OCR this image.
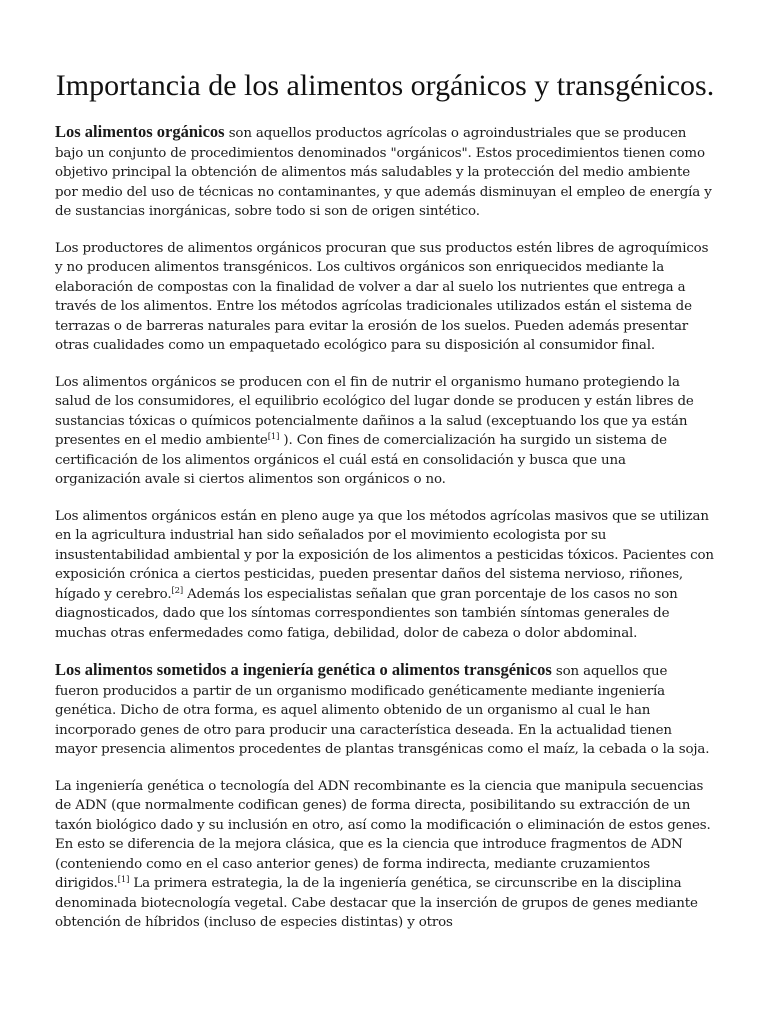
Importancia de los alimentos orgánicos y transgénicos.

Los alimentos orgánicos son aquellos productos agrícolas o agroindustriales que se producen bajo un conjunto de procedimientos denominados "orgánicos". Estos procedimientos tienen como objetivo principal la obtención de alimentos más saludables y la protección del medio ambiente por medio del uso de técnicas no contaminantes, y que además disminuyan el empleo de energía y de sustancias inorgánicas, sobre todo si son de origen sintético.

Los productores de alimentos orgánicos procuran que sus productos estén libres de agroquímicos y no producen alimentos transgénicos. Los cultivos orgánicos son enriquecidos mediante la elaboración de compostas con la finalidad de volver a dar al suelo los nutrientes que entrega a través de los alimentos. Entre los métodos agrícolas tradicionales utilizados están el sistema de terrazas o de barreras naturales para evitar la erosión de los suelos. Pueden además presentar otras cualidades como un empaquetado ecológico para su disposición al consumidor final.

Los alimentos orgánicos se producen con el fin de nutrir el organismo humano protegiendo la salud de los consumidores, el equilibrio ecológico del lugar donde se producen y están libres de sustancias tóxicas o químicos potencialmente dañinos a la salud (exceptuando los que ya están presentes en el medio ambiente[1] ). Con fines de comercialización ha surgido un sistema de certificación de los alimentos orgánicos el cuál está en consolidación y busca que una organización avale si ciertos alimentos son orgánicos o no.

Los alimentos orgánicos están en pleno auge ya que los métodos agrícolas masivos que se utilizan en la agricultura industrial han sido señalados por el movimiento ecologista por su insustentabilidad ambiental y por la exposición de los alimentos a pesticidas tóxicos. Pacientes con exposición crónica a ciertos pesticidas, pueden presentar daños del sistema nervioso, riñones, hígado y cerebro.[2] Además los especialistas señalan que gran porcentaje de los casos no son diagnosticados, dado que los síntomas correspondientes son también síntomas generales de muchas otras enfermedades como fatiga, debilidad, dolor de cabeza o dolor abdominal.

Los alimentos sometidos a ingeniería genética o alimentos transgénicos son aquellos que fueron producidos a partir de un organismo modificado genéticamente mediante ingeniería genética. Dicho de otra forma, es aquel alimento obtenido de un organismo al cual le han incorporado genes de otro para producir una característica deseada. En la actualidad tienen mayor presencia alimentos procedentes de plantas transgénicas como el maíz, la cebada o la soja.

La ingeniería genética o tecnología del ADN recombinante es la ciencia que manipula secuencias de ADN (que normalmente codifican genes) de forma directa, posibilitando su extracción de un taxón biológico dado y su inclusión en otro, así como la modificación o eliminación de estos genes. En esto se diferencia de la mejora clásica, que es la ciencia que introduce fragmentos de ADN (conteniendo como en el caso anterior genes) de forma indirecta, mediante cruzamientos dirigidos.[1] La primera estrategia, la de la ingeniería genética, se circunscribe en la disciplina denominada biotecnología vegetal. Cabe destacar que la inserción de grupos de genes mediante obtención de híbridos (incluso de especies distintas) y otros
